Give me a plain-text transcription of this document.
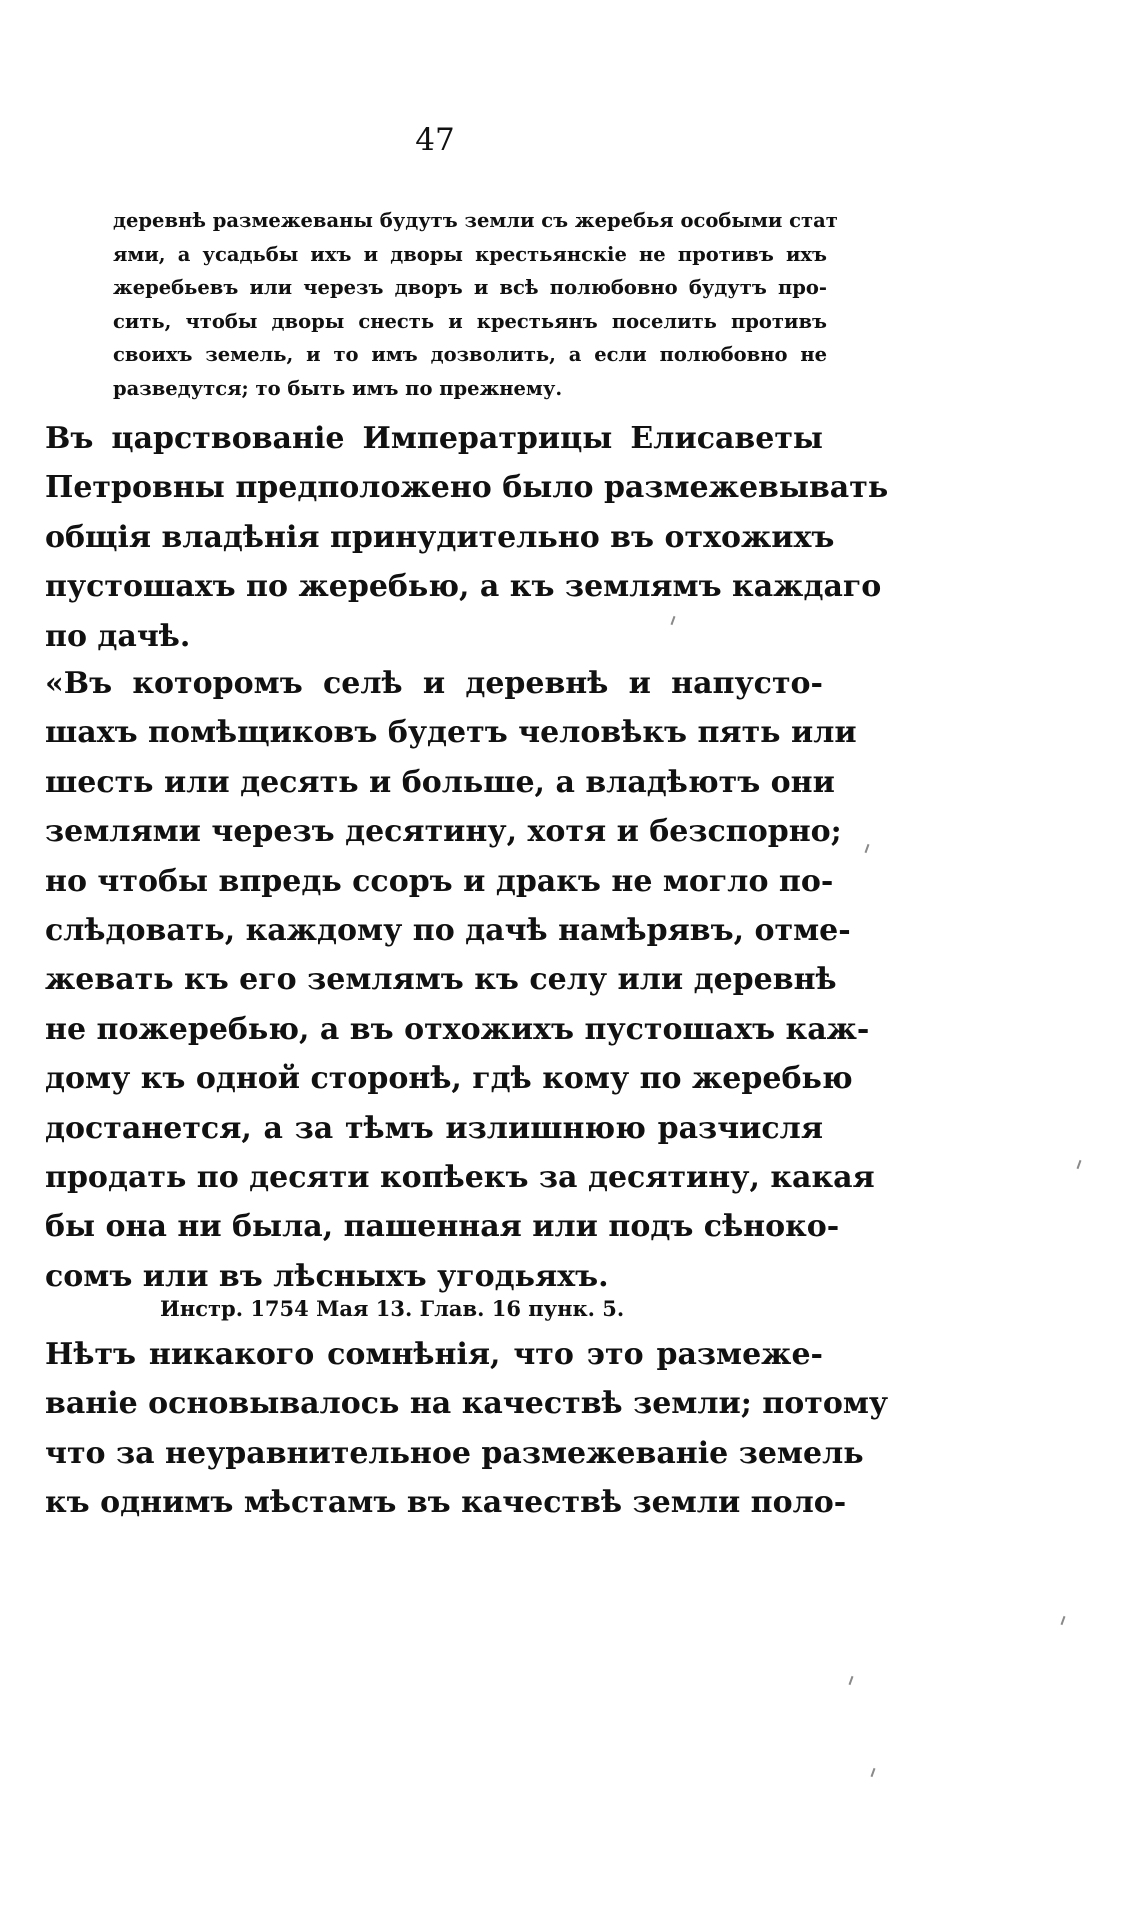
47
деревнѣ размежеваны будутъ земли съ жеребья особыми стат
ями, а усадьбы ихъ и дворы крестьянскіе не противъ ихъ
жеребьевъ или черезъ дворъ и всѣ полюбовно будутъ про-
сить, чтобы дворы снесть и крестьянъ поселить противъ
своихъ земель, и то имъ дозволить, а если полюбовно не
разведутся; то быть имъ по прежнему.
Въ царствованіе Императрицы Елисаветы
Петровны предположено было размежевывать
общія владѣнія принудительно въ отхожихъ
пустошахъ по жеребью, а къ землямъ каждаго
по дачѣ.
«Въ которомъ селѣ и деревнѣ и напусто-
шахъ помѣщиковъ будетъ человѣкъ пять или
шесть или десять и больше, а владѣютъ они
землями черезъ десятину, хотя и безспорно;
но чтобы впредь ссоръ и дракъ не могло по-
слѣдовать, каждому по дачѣ намѣрявъ, отме-
жевать къ его землямъ къ селу или деревнѣ
не пожеребью, а въ отхожихъ пустошахъ каж-
дому къ одной сторонѣ, гдѣ кому по жеребью
достанется, а за тѣмъ излишнюю разчисля
продать по десяти копѣекъ за десятину, какая
бы она ни была, пашенная или подъ сѣноко-
сомъ или въ лѣсныхъ угодьяхъ.
Инстр. 1754 Мая 13. Глав. 16 пунк. 5.
Нѣтъ никакого сомнѣнія, что это размеже-
ваніе основывалось на качествѣ земли; потому
что за неуравнительное размежеваніе земель
къ однимъ мѣстамъ въ качествѣ земли поло-
